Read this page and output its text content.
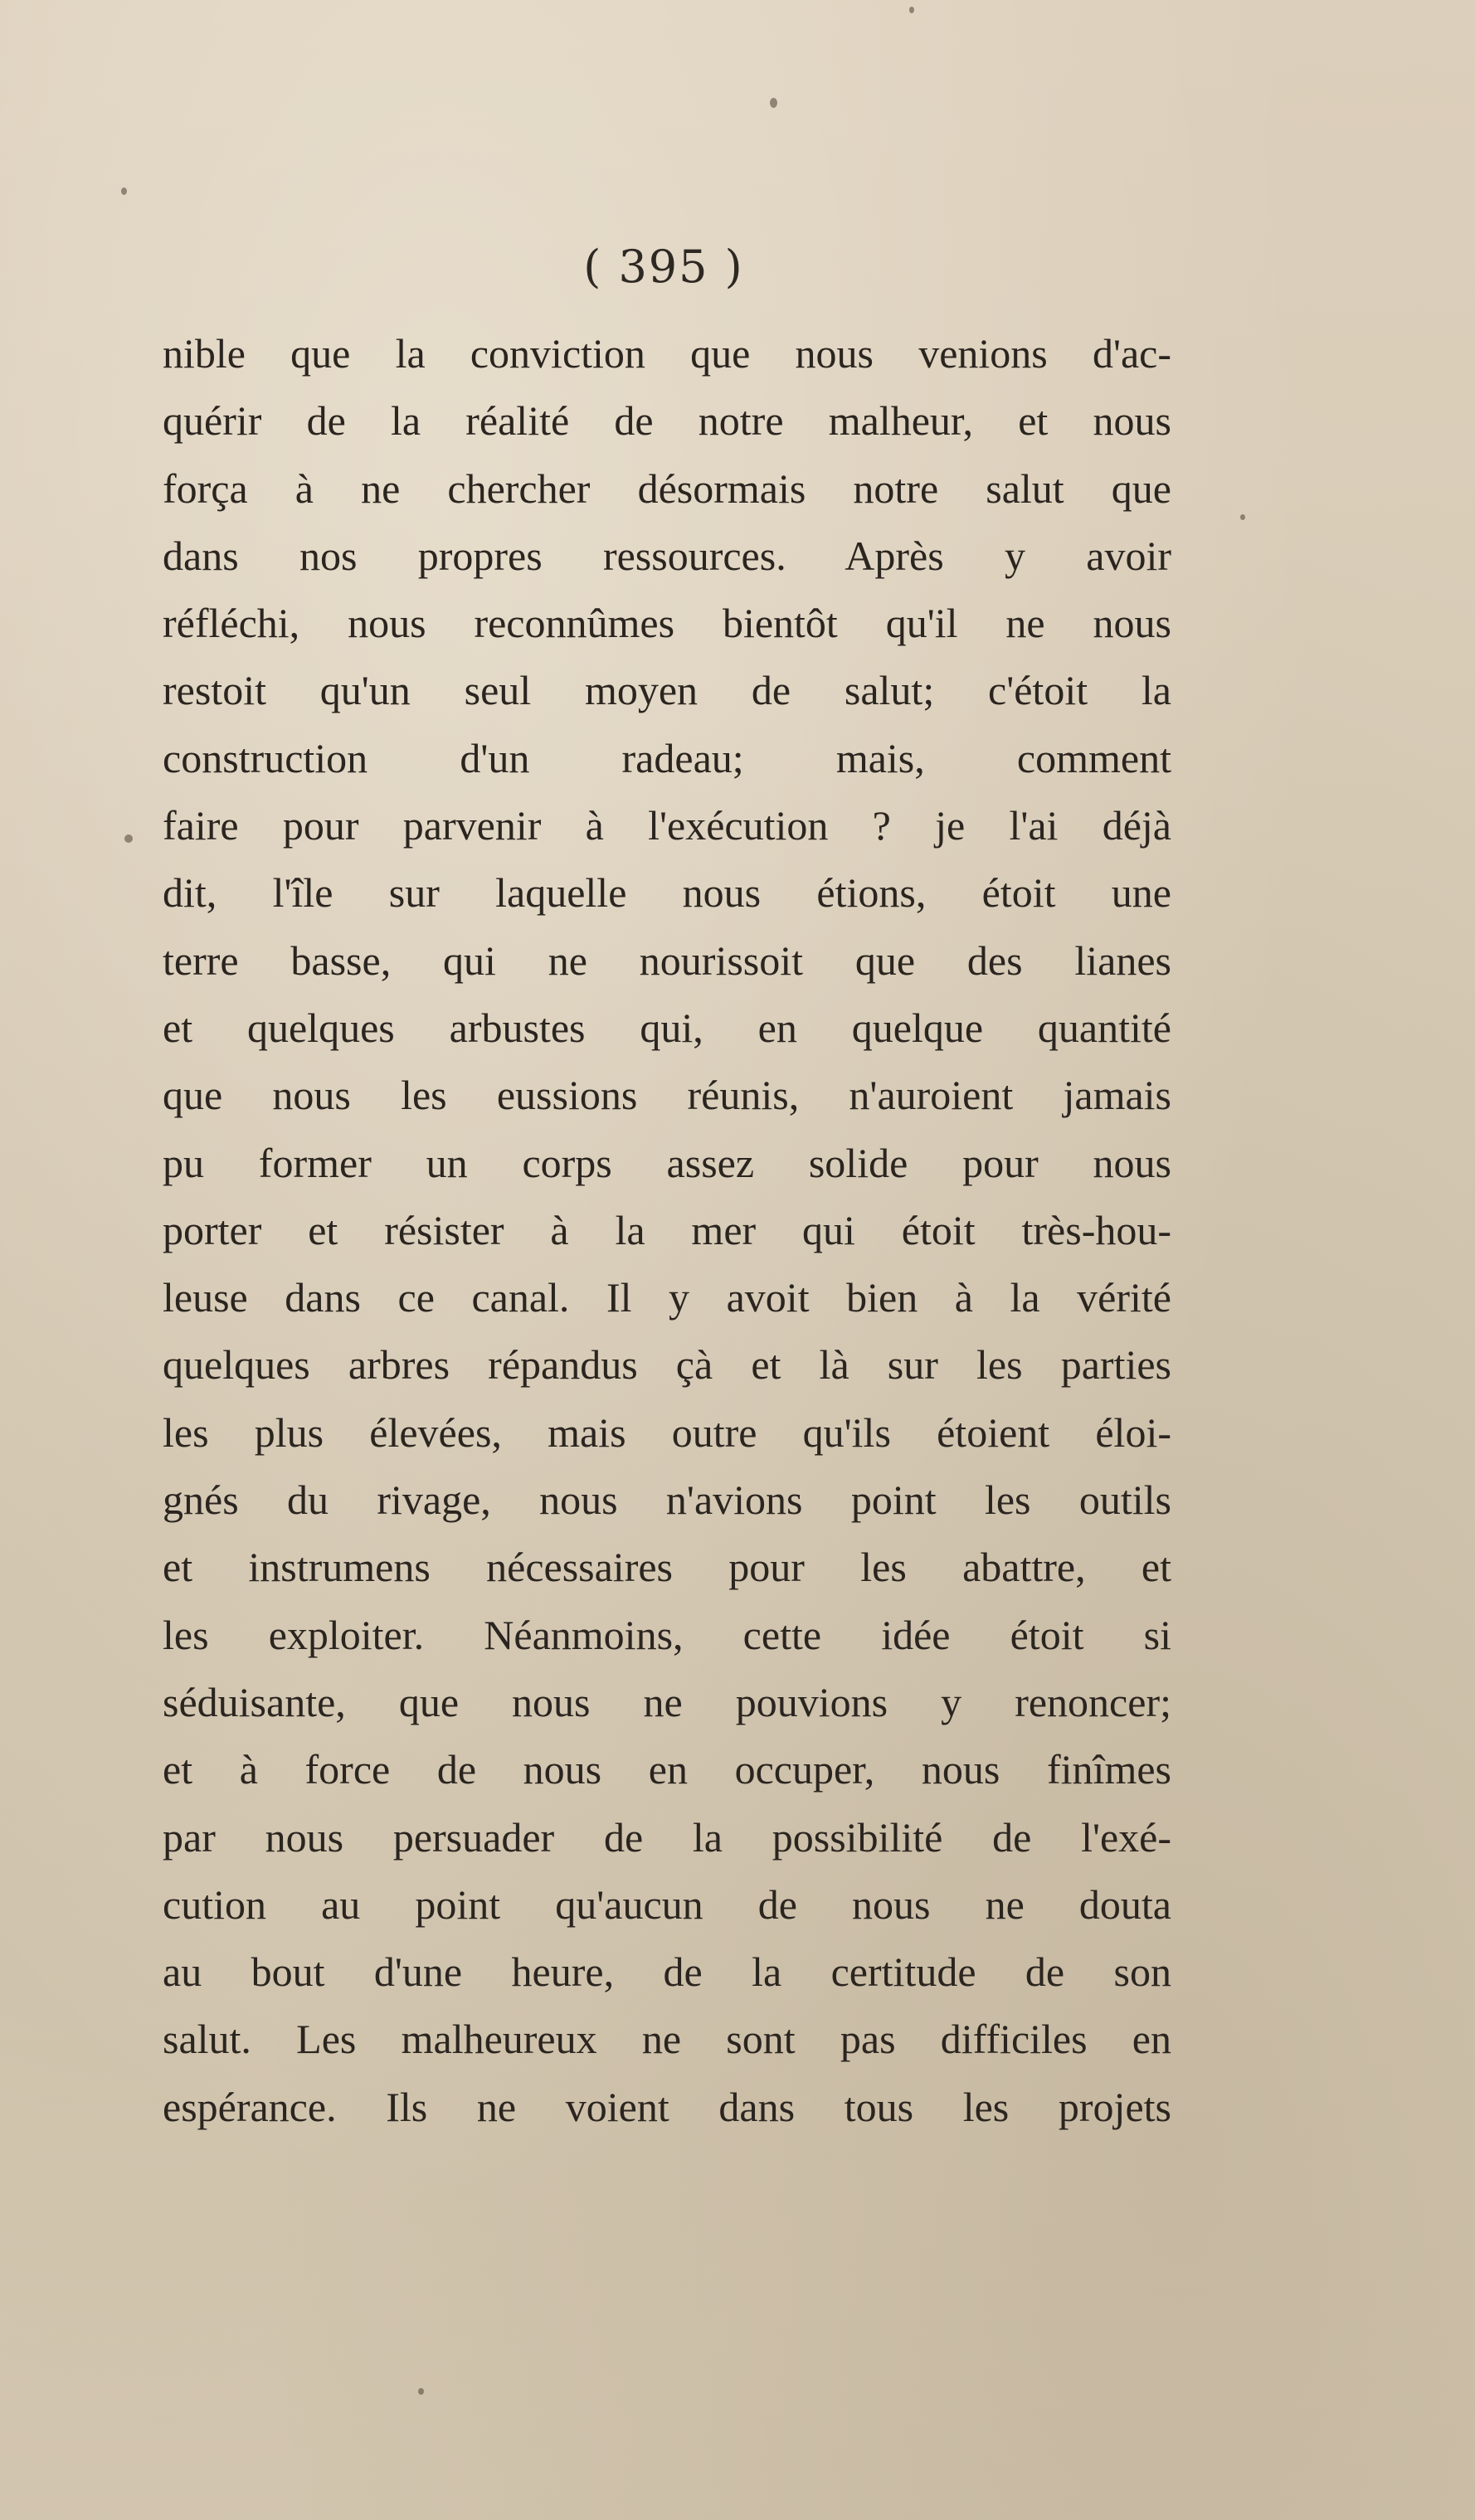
( 395 )
nible que la conviction que nous venions d'ac-
quérir de la réalité de notre malheur, et nous
força à ne chercher désormais notre salut que
dans nos propres ressources. Après y avoir
réfléchi, nous reconnûmes bientôt qu'il ne nous
restoit qu'un seul moyen de salut; c'étoit la
construction d'un radeau; mais, comment
faire pour parvenir à l'exécution ? je l'ai déjà
dit, l'île sur laquelle nous étions, étoit une
terre basse, qui ne nourissoit que des lianes
et quelques arbustes qui, en quelque quantité
que nous les eussions réunis, n'auroient jamais
pu former un corps assez solide pour nous
porter et résister à la mer qui étoit très-hou-
leuse dans ce canal. Il y avoit bien à la vérité
quelques arbres répandus çà et là sur les parties
les plus élevées, mais outre qu'ils étoient éloi-
gnés du rivage, nous n'avions point les outils
et instrumens nécessaires pour les abattre, et
les exploiter. Néanmoins, cette idée étoit si
séduisante, que nous ne pouvions y renoncer;
et à force de nous en occuper, nous finîmes
par nous persuader de la possibilité de l'exé-
cution au point qu'aucun de nous ne douta
au bout d'une heure, de la certitude de son
salut. Les malheureux ne sont pas difficiles en
espérance. Ils ne voient dans tous les projets
